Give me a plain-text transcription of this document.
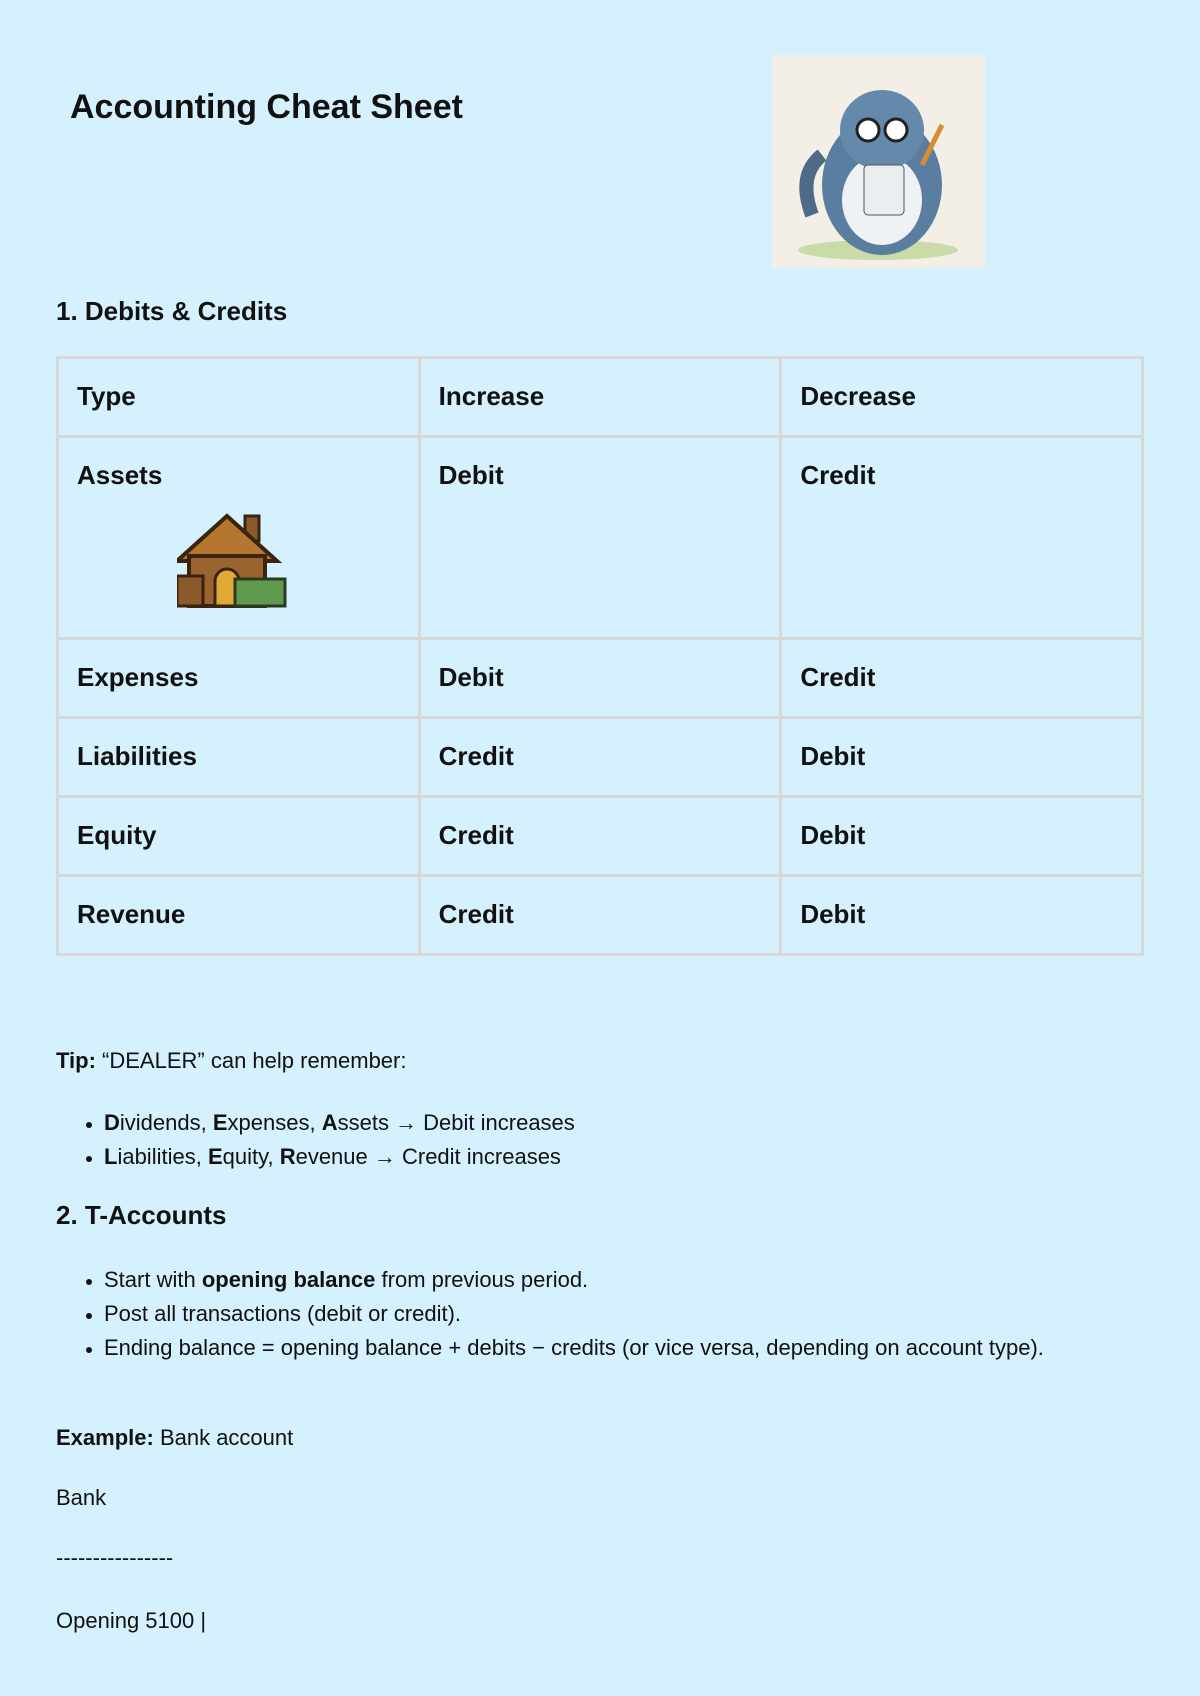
Accounting Cheat Sheet
1. Debits & Credits
Type	Increase	Decrease
Assets	Debit	Credit
Expenses	Debit	Credit
Liabilities	Credit	Debit
Equity	Credit	Debit
Revenue	Credit	Debit
Tip: “DEALER” can help remember:
• Dividends, Expenses, Assets → Debit increases
• Liabilities, Equity, Revenue → Credit increases
2. T-Accounts
• Start with opening balance from previous period.
• Post all transactions (debit or credit).
• Ending balance = opening balance + debits − credits (or vice versa, depending on account type).
Example: Bank account
Bank
----------------
Opening 5100 |
